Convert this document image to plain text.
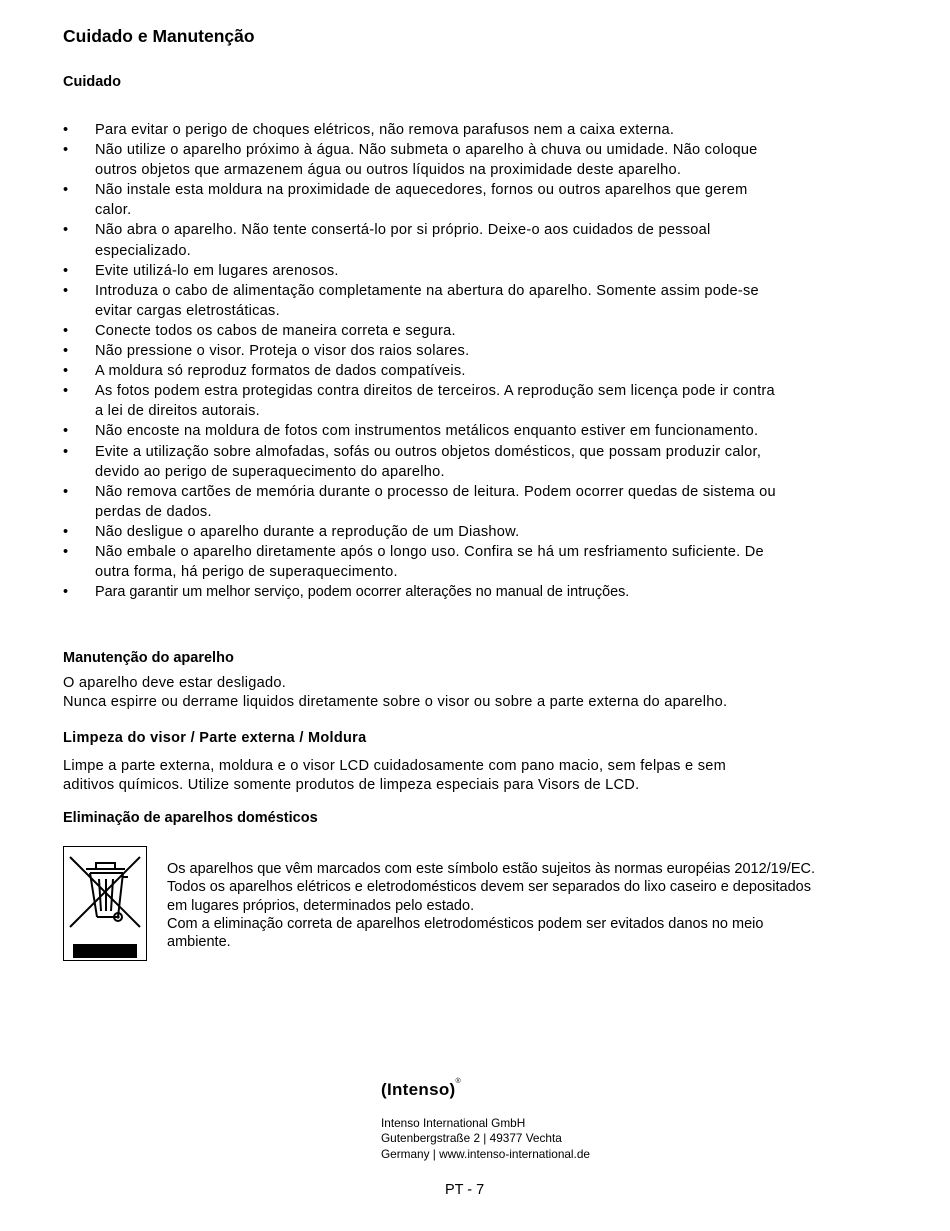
Cuidado e Manutenção
Cuidado
• Para evitar o perigo de choques elétricos, não remova parafusos nem a caixa externa.
• Não utilize o aparelho próximo à água. Não submeta o aparelho à chuva ou umidade. Não coloque
outros objetos que armazenem água ou outros líquidos na proximidade deste aparelho.
• Não instale esta moldura na proximidade de aquecedores, fornos ou outros aparelhos que gerem
calor.
• Não abra o aparelho. Não tente consertá-lo por si próprio. Deixe-o aos cuidados de pessoal
especializado.
• Evite utilizá-lo em lugares arenosos.
• Introduza o cabo de alimentação completamente na abertura do aparelho. Somente assim pode-se
evitar cargas eletrostáticas.
• Conecte todos os cabos de maneira correta e segura.
• Não pressione o visor. Proteja o visor dos raios solares.
• A moldura só reproduz formatos de dados compatíveis.
• As fotos podem estra protegidas contra direitos de terceiros. A reprodução sem licença pode ir contra
a lei de direitos autorais.
• Não encoste na moldura de fotos com instrumentos metálicos enquanto estiver em funcionamento.
• Evite a utilização sobre almofadas, sofás ou outros objetos domésticos, que possam produzir calor,
devido ao perigo de superaquecimento do aparelho.
• Não remova cartões de memória durante o processo de leitura. Podem ocorrer quedas de sistema ou
perdas de dados.
• Não desligue o aparelho durante a reprodução de um Diashow.
• Não embale o aparelho diretamente após o longo uso. Confira se há um resfriamento suficiente. De
outra forma, há perigo de superaquecimento.
• Para garantir um melhor serviço, podem ocorrer alterações no manual de intruções.
Manutenção do aparelho
O aparelho deve estar desligado.
Nunca espirre ou derrame liquidos diretamente sobre o visor ou sobre a parte externa do aparelho.
Limpeza do visor / Parte externa / Moldura
Limpe a parte externa, moldura e o visor LCD cuidadosamente com pano macio, sem felpas e sem
aditivos químicos. Utilize somente produtos de limpeza especiais para Visors de LCD.
Eliminação de aparelhos domésticos
Os aparelhos que vêm marcados com este símbolo estão sujeitos às normas européias 2012/19/EC.
Todos os aparelhos elétricos e eletrodomésticos devem ser separados do lixo caseiro e depositados
em lugares próprios, determinados pelo estado.
Com a eliminação correta de aparelhos eletrodomésticos podem ser evitados danos no meio
ambiente.
(Intenso)®
Intenso International GmbH
Gutenbergstraße 2 | 49377 Vechta
Germany | www.intenso-international.de
PT - 7
